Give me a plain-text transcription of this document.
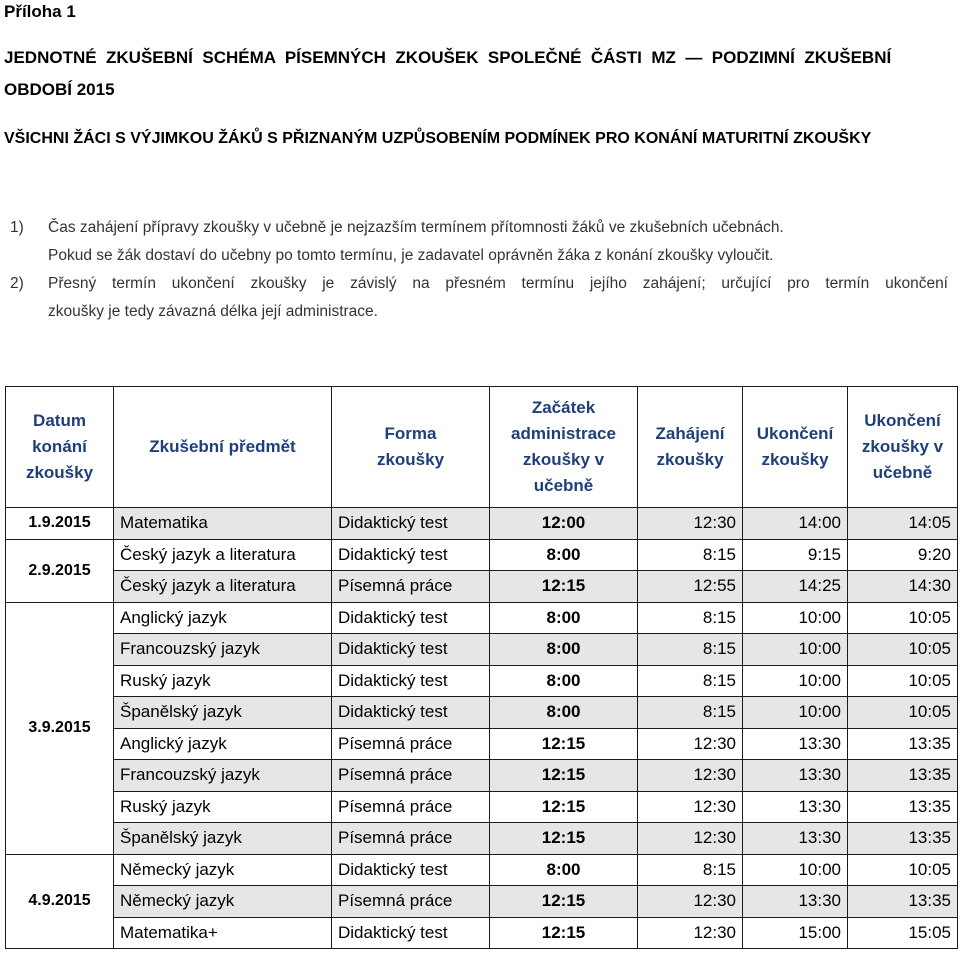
Příloha 1
JEDNOTNÉ  ZKUŠEBNÍ  SCHÉMA  PÍSEMNÝCH  ZKOUŠEK  SPOLEČNÉ  ČÁSTI  MZ  —  PODZIMNÍ  ZKUŠEBNÍ
OBDOBÍ 2015
VŠICHNI ŽÁCI S VÝJIMKOU ŽÁKŮ S PŘIZNANÝM UZPŮSOBENÍM PODMÍNEK PRO KONÁNÍ MATURITNÍ ZKOUŠKY
1) Čas zahájení přípravy zkoušky v učebně je nejzazším termínem přítomnosti žáků ve zkušebních učebnách.
Pokud se žák dostaví do učebny po tomto termínu, je zadavatel oprávněn žáka z konání zkoušky vyloučit.
2) Přesný termín ukončení zkoušky je závislý na přesném termínu jejího zahájení; určující pro termín ukončení
zkoušky je tedy závazná délka její administrace.
Datum konání zkoušky	Zkušební předmět	Forma zkoušky	Začátek administrace zkoušky v učebně	Zahájení zkoušky	Ukončení zkoušky	Ukončení zkoušky v učebně
1.9.2015	Matematika	Didaktický test	12:00	12:30	14:00	14:05
2.9.2015	Český jazyk a literatura	Didaktický test	8:00	8:15	9:15	9:20
	Český jazyk a literatura	Písemná práce	12:15	12:55	14:25	14:30
3.9.2015	Anglický jazyk	Didaktický test	8:00	8:15	10:00	10:05
	Francouzský jazyk	Didaktický test	8:00	8:15	10:00	10:05
	Ruský jazyk	Didaktický test	8:00	8:15	10:00	10:05
	Španělský jazyk	Didaktický test	8:00	8:15	10:00	10:05
	Anglický jazyk	Písemná práce	12:15	12:30	13:30	13:35
	Francouzský jazyk	Písemná práce	12:15	12:30	13:30	13:35
	Ruský jazyk	Písemná práce	12:15	12:30	13:30	13:35
	Španělský jazyk	Písemná práce	12:15	12:30	13:30	13:35
4.9.2015	Německý jazyk	Didaktický test	8:00	8:15	10:00	10:05
	Německý jazyk	Písemná práce	12:15	12:30	13:30	13:35
	Matematika+	Didaktický test	12:15	12:30	15:00	15:05
